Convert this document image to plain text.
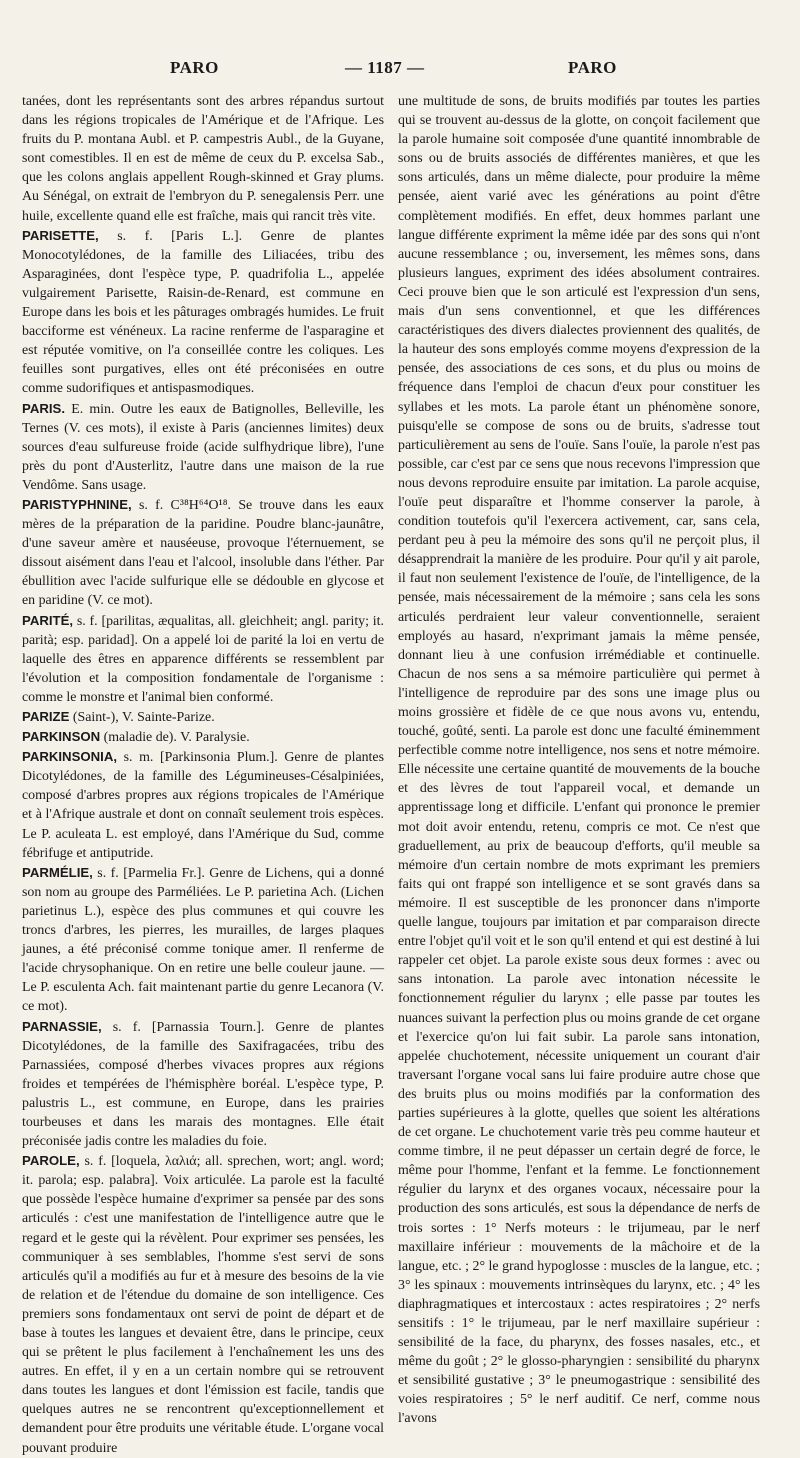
PARO	— 1187 —	PARO

tanées, dont les représentants sont des arbres répandus surtout dans les régions tropicales de l'Amérique et de l'Afrique. Les fruits du P. montana Aubl. et P. campestris Aubl., de la Guyane, sont comestibles. Il en est de même de ceux du P. excelsa Sab., que les colons anglais appellent Rough-skinned et Gray plums. Au Sénégal, on extrait de l'embryon du P. senegalensis Perr. une huile, excellente quand elle est fraîche, mais qui rancit très vite.

PARISETTE, s. f. [Paris L.]. Genre de plantes Monocotylédones, de la famille des Liliacées, tribu des Asparaginées, dont l'espèce type, P. quadrifolia L., appelée vulgairement Parisette, Raisin-de-Renard, est commune en Europe dans les bois et les pâturages ombragés humides. Le fruit bacciforme est vénéneux. La racine renferme de l'asparagine et est réputée vomitive, on l'a conseillée contre les coliques. Les feuilles sont purgatives, elles ont été préconisées en outre comme sudorifiques et antispasmodiques.

PARIS. E. min. Outre les eaux de Batignolles, Belleville, les Ternes (V. ces mots), il existe à Paris (anciennes limites) deux sources d'eau sulfureuse froide (acide sulfhydrique libre), l'une près du pont d'Austerlitz, l'autre dans une maison de la rue Vendôme. Sans usage.

PARISTYPHNINE, s. f. C³⁸H⁶⁴O¹⁸. Se trouve dans les eaux mères de la préparation de la paridine. Poudre blanc-jaunâtre, d'une saveur amère et nauséeuse, provoque l'éternuement, se dissout aisément dans l'eau et l'alcool, insoluble dans l'éther. Par ébullition avec l'acide sulfurique elle se dédouble en glycose et en paridine (V. ce mot).

PARITÉ, s. f. [parilitas, æqualitas, all. gleichheit; angl. parity; it. parità; esp. paridad]. On a appelé loi de parité la loi en vertu de laquelle des êtres en apparence différents se ressemblent par l'évolution et la composition fondamentale de l'organisme : comme le monstre et l'animal bien conformé.

PARIZE (Saint-), V. Sainte-Parize.

PARKINSON (maladie de). V. Paralysie.

PARKINSONIA, s. m. [Parkinsonia Plum.]. Genre de plantes Dicotylédones, de la famille des Légumineuses-Césalpiniées, composé d'arbres propres aux régions tropicales de l'Amérique et à l'Afrique australe et dont on connaît seulement trois espèces. Le P. aculeata L. est employé, dans l'Amérique du Sud, comme fébrifuge et antiputride.

PARMÉLIE, s. f. [Parmelia Fr.]. Genre de Lichens, qui a donné son nom au groupe des Parméliées. Le P. parietina Ach. (Lichen parietinus L.), espèce des plus communes et qui couvre les troncs d'arbres, les pierres, les murailles, de larges plaques jaunes, a été préconisé comme tonique amer. Il renferme de l'acide chrysophanique. On en retire une belle couleur jaune. — Le P. esculenta Ach. fait maintenant partie du genre Lecanora (V. ce mot).

PARNASSIE, s. f. [Parnassia Tourn.]. Genre de plantes Dicotylédones, de la famille des Saxifragacées, tribu des Parnassiées, composé d'herbes vivaces propres aux régions froides et tempérées de l'hémisphère boréal. L'espèce type, P. palustris L., est commune, en Europe, dans les prairies tourbeuses et dans les marais des montagnes. Elle était préconisée jadis contre les maladies du foie.

PAROLE, s. f. [loquela, λαλιά; all. sprechen, wort; angl. word; it. parola; esp. palabra]. Voix articulée. La parole est la faculté que possède l'espèce humaine d'exprimer sa pensée par des sons articulés : c'est une manifestation de l'intelligence autre que le regard et le geste qui la révèlent. Pour exprimer ses pensées, les communiquer à ses semblables, l'homme s'est servi de sons articulés qu'il a modifiés au fur et à mesure des besoins de la vie de relation et de l'étendue du domaine de son intelligence. Ces premiers sons fondamentaux ont servi de point de départ et de base à toutes les langues et devaient être, dans le principe, ceux qui se prêtent le plus facilement à l'enchaînement les uns des autres. En effet, il y en a un certain nombre qui se retrouvent dans toutes les langues et dont l'émission est facile, tandis que quelques autres ne se rencontrent qu'exceptionnellement et demandent pour être produits une véritable étude. L'organe vocal pouvant produire

une multitude de sons, de bruits modifiés par toutes les parties qui se trouvent au-dessus de la glotte, on conçoit facilement que la parole humaine soit composée d'une quantité innombrable de sons ou de bruits associés de différentes manières, et que les sons articulés, dans un même dialecte, pour produire la même pensée, aient varié avec les générations au point d'être complètement modifiés. En effet, deux hommes parlant une langue différente expriment la même idée par des sons qui n'ont aucune ressemblance ; ou, inversement, les mêmes sons, dans plusieurs langues, expriment des idées absolument contraires. Ceci prouve bien que le son articulé est l'expression d'un sens, mais d'un sens conventionnel, et que les différences caractéristiques des divers dialectes proviennent des qualités, de la hauteur des sons employés comme moyens d'expression de la pensée, des associations de ces sons, et du plus ou moins de fréquence dans l'emploi de chacun d'eux pour constituer les syllabes et les mots. La parole étant un phénomène sonore, puisqu'elle se compose de sons ou de bruits, s'adresse tout particulièrement au sens de l'ouïe. Sans l'ouïe, la parole n'est pas possible, car c'est par ce sens que nous recevons l'impression que nous devons reproduire ensuite par imitation. La parole acquise, l'ouïe peut disparaître et l'homme conserver la parole, à condition toutefois qu'il l'exercera activement, car, sans cela, perdant peu à peu la mémoire des sons qu'il ne perçoit plus, il désapprendrait la manière de les produire. Pour qu'il y ait parole, il faut non seulement l'existence de l'ouïe, de l'intelligence, de la pensée, mais nécessairement de la mémoire ; sans cela les sons articulés perdraient leur valeur conventionnelle, seraient employés au hasard, n'exprimant jamais la même pensée, donnant lieu à une confusion irrémédiable et continuelle. Chacun de nos sens a sa mémoire particulière qui permet à l'intelligence de reproduire par des sons une image plus ou moins grossière et fidèle de ce que nous avons vu, entendu, touché, goûté, senti. La parole est donc une faculté éminemment perfectible comme notre intelligence, nos sens et notre mémoire. Elle nécessite une certaine quantité de mouvements de la bouche et des lèvres de tout l'appareil vocal, et demande un apprentissage long et difficile. L'enfant qui prononce le premier mot doit avoir entendu, retenu, compris ce mot. Ce n'est que graduellement, au prix de beaucoup d'efforts, qu'il meuble sa mémoire d'un certain nombre de mots exprimant les premiers faits qui ont frappé son intelligence et se sont gravés dans sa mémoire. Il est susceptible de les prononcer dans n'importe quelle langue, toujours par imitation et par comparaison directe entre l'objet qu'il voit et le son qu'il entend et qui est destiné à lui rappeler cet objet. La parole existe sous deux formes : avec ou sans intonation. La parole avec intonation nécessite le fonctionnement régulier du larynx ; elle passe par toutes les nuances suivant la perfection plus ou moins grande de cet organe et l'exercice qu'on lui fait subir. La parole sans intonation, appelée chuchotement, nécessite uniquement un courant d'air traversant l'organe vocal sans lui faire produire autre chose que des bruits plus ou moins modifiés par la conformation des parties supérieures à la glotte, quelles que soient les altérations de cet organe. Le chuchotement varie très peu comme hauteur et comme timbre, il ne peut dépasser un certain degré de force, le même pour l'homme, l'enfant et la femme. Le fonctionnement régulier du larynx et des organes vocaux, nécessaire pour la production des sons articulés, est sous la dépendance de nerfs de trois sortes : 1° Nerfs moteurs : le trijumeau, par le nerf maxillaire inférieur : mouvements de la mâchoire et de la langue, etc. ; 2° le grand hypoglosse : muscles de la langue, etc. ; 3° les spinaux : mouvements intrinsèques du larynx, etc. ; 4° les diaphragmatiques et intercostaux : actes respiratoires ; 2° nerfs sensitifs : 1° le trijumeau, par le nerf maxillaire supérieur : sensibilité de la face, du pharynx, des fosses nasales, etc., et même du goût ; 2° le glosso-pharyngien : sensibilité du pharynx et sensibilité gustative ; 3° le pneumogastrique : sensibilité des voies respiratoires ; 5° le nerf auditif. Ce nerf, comme nous l'avons
